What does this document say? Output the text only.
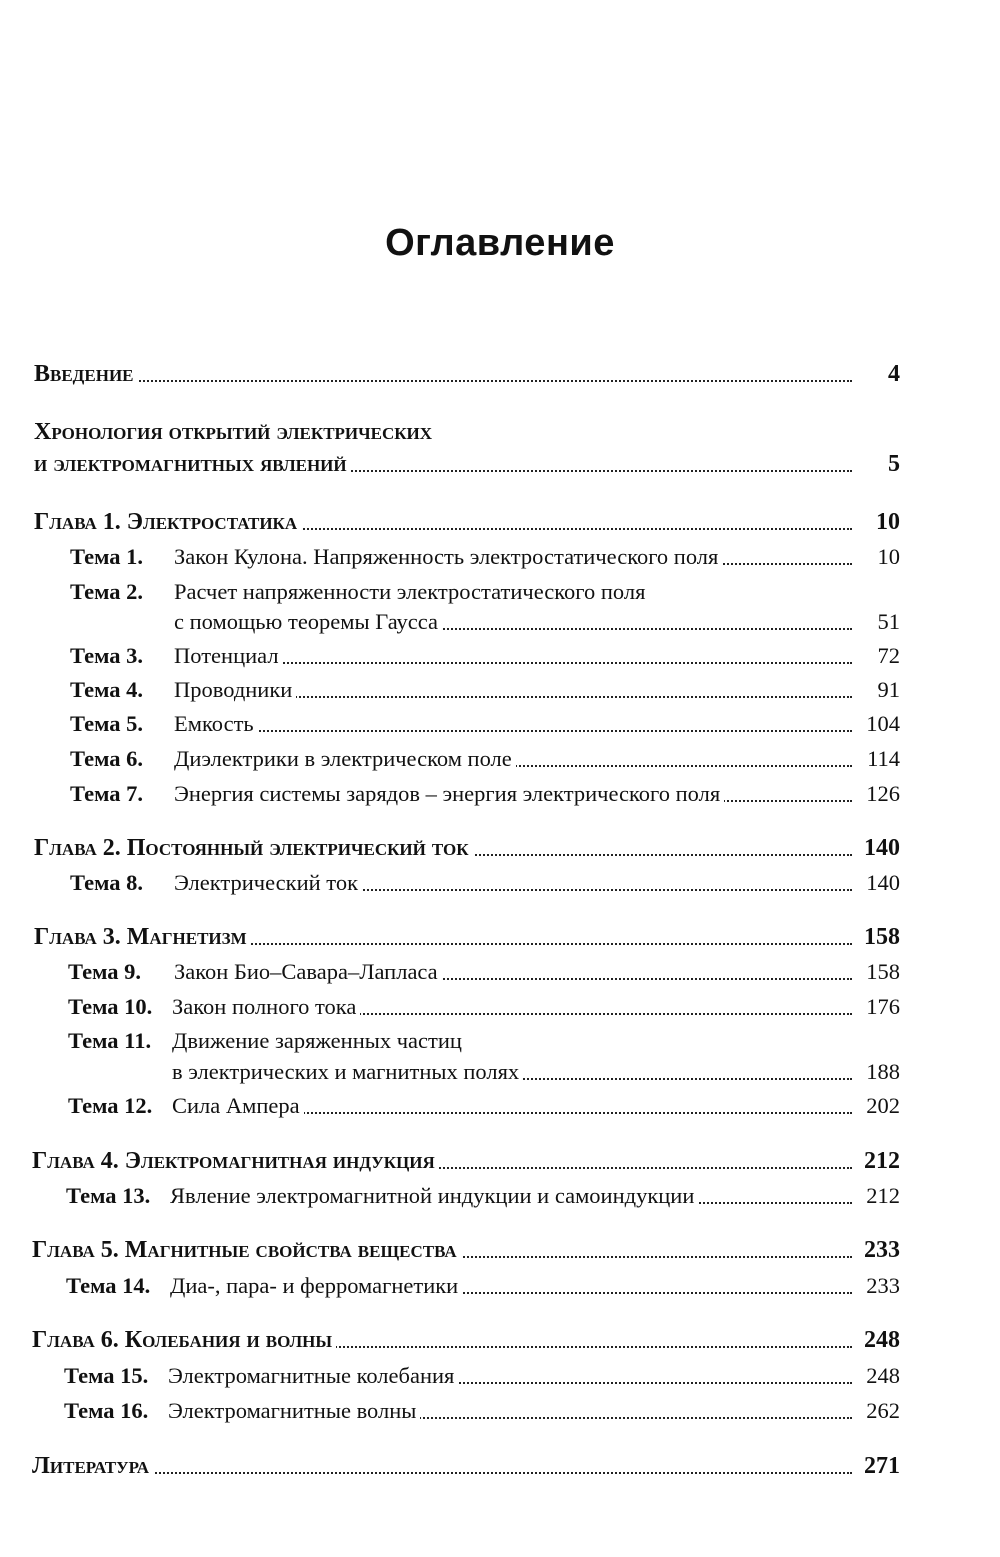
Оглавление
Введение	4
Хронология открытий электрических
и электромагнитных явлений	5
Глава 1. Электростатика	10
Тема 1. Закон Кулона. Напряженность электростатического поля	10
Тема 2. Расчет напряженности электростатического поля
с помощью теоремы Гаусса	51
Тема 3. Потенциал	72
Тема 4. Проводники	91
Тема 5. Емкость	104
Тема 6. Диэлектрики в электрическом поле	114
Тема 7. Энергия системы зарядов – энергия электрического поля	126
Глава 2. Постоянный электрический ток	140
Тема 8. Электрический ток	140
Глава 3. Магнетизм	158
Тема 9. Закон Био–Савара–Лапласа	158
Тема 10. Закон полного тока	176
Тема 11. Движение заряженных частиц
в электрических и магнитных полях	188
Тема 12. Сила Ампера	202
Глава 4. Электромагнитная индукция	212
Тема 13. Явление электромагнитной индукции и самоиндукции	212
Глава 5. Магнитные свойства вещества	233
Тема 14. Диа-, пара- и ферромагнетики	233
Глава 6. Колебания и волны	248
Тема 15. Электромагнитные колебания	248
Тема 16. Электромагнитные волны	262
Литература	271
